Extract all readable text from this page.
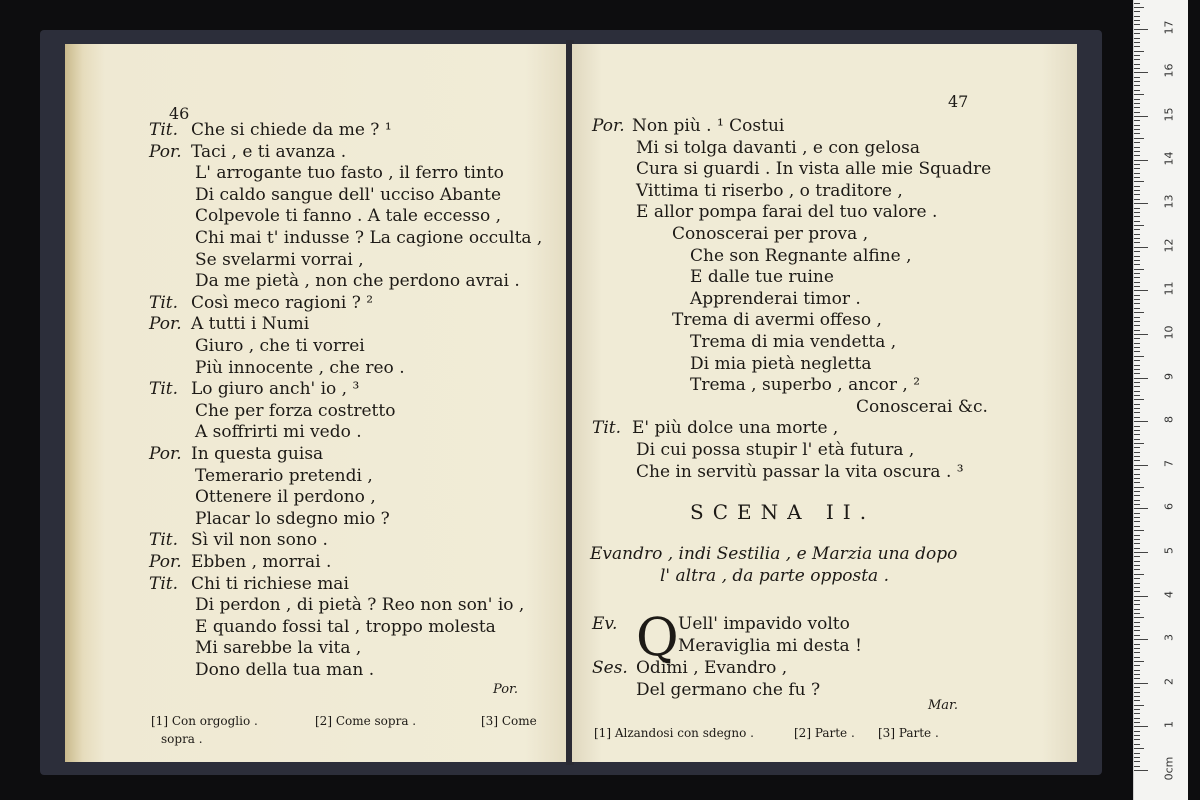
46
Tit. Che si chiede da me ? ¹
Por. Taci , e ti avanza .
L' arrogante tuo fasto , il ferro tinto
Di caldo sangue dell' ucciso Abante
Colpevole ti fanno . A tale eccesso ,
Chi mai t' indusse ? La cagione occulta ,
Se svelarmi vorrai ,
Da me pietà , non che perdono avrai .
Tit. Così meco ragioni ? ²
Por. A tutti i Numi
Giuro , che ti vorrei
Più innocente , che reo .
Tit. Lo giuro anch' io , ³
Che per forza costretto
A soffrirti mi vedo .
Por. In questa guisa
Temerario pretendi ,
Ottenere il perdono ,
Placar lo sdegno mio ?
Tit. Sì vil non sono .
Por. Ebben , morrai .
Tit. Chi ti richiese mai
Di perdon , di pietà ? Reo non son' io ,
E quando fossi tal , troppo molesta
Mi sarebbe la vita ,
Dono della tua man .
Por.
[1] Con orgoglio .	[2] Come sopra .	[3] Come
sopra .
47
Por. Non più . ¹ Costui
Mi si tolga davanti , e con gelosa
Cura si guardi . In vista alle mie Squadre
Vittima ti riserbo , o traditore ,
E allor pompa farai del tuo valore .
Conoscerai per prova ,
Che son Regnante alfine ,
E dalle tue ruine
Apprenderai timor .
Trema di avermi offeso ,
Trema di mia vendetta ,
Di mia pietà negletta
Trema , superbo , ancor , ²
Conoscerai &c.
Tit. E' più dolce una morte ,
Di cui possa stupir l' età futura ,
Che in servitù passar la vita oscura . ³
SCENA II.
Evandro , indi Sestilia , e Marzia una dopo
l' altra , da parte opposta .
Q
Ev.	Uell' impavido volto
Meraviglia mi desta !
Ses. Odimi , Evandro ,
Del germano che fu ?
Mar.
[1] Alzandosi con sdegno .	[2] Parte . [3] Parte .
0cm
1
2
3
4
5
6
7
8
9
10
11
12
13
14
15
16
17
